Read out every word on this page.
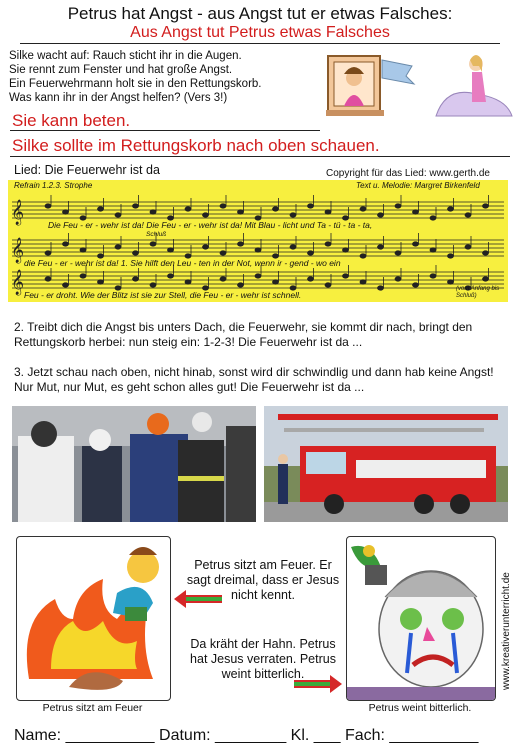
Petrus hat Angst - aus Angst tut er etwas Falsches:
Aus Angst tut Petrus etwas Falsches
Silke wacht auf: Rauch sticht ihr in die Augen.
Sie rennt zum Fenster und hat große Angst.
Ein Feuerwehrmann holt sie in den Rettungskorb.
Was kann ihr in der Angst helfen? (Vers 3!)
Sie kann beten.
Silke sollte im Rettungskorb nach oben schauen.
Lied: Die Feuerwehr ist da	Copyright für das Lied: www.gerth.de
𝄞
𝄞
𝄞
Refrain 1.2.3. Strophe	Text u. Melodie: Margret Birkenfeld
Schluß
(vom Anfang bis Schluß)
Die Feu - er - wehr ist da! Die Feu - er - wehr ist da! Mit Blau - licht und Ta - tü - ta - ta,
die Feu - er - wehr ist da! 1. Sie hilft den Leu - ten in der Not, wenn ir - gend - wo ein
Feu - er droht. Wie der Blitz ist sie zur Stell, die Feu - er - wehr ist schnell.
2. Treibt dich die Angst bis unters Dach, die Feuerwehr, sie kommt dir nach, bringt den Rettungskorb herbei: nun steig ein: 1-2-3! Die Feuerwehr ist da ...
3. Jetzt schau nach oben, nicht hinab, sonst wird dir schwindlig und dann hab keine Angst! Nur Mut, nur Mut, es geht schon alles gut! Die Feuerwehr ist da ...
Petrus sitzt am Feuer
Petrus sitzt am Feuer. Er sagt dreimal, dass er Jesus nicht kennt.
Da kräht der Hahn. Petrus hat Jesus verraten. Petrus weint bitterlich.
Petrus weint bitterlich.
www.kreativerunterricht.de
Name: __________ Datum: ________ Kl. ___ Fach: __________
